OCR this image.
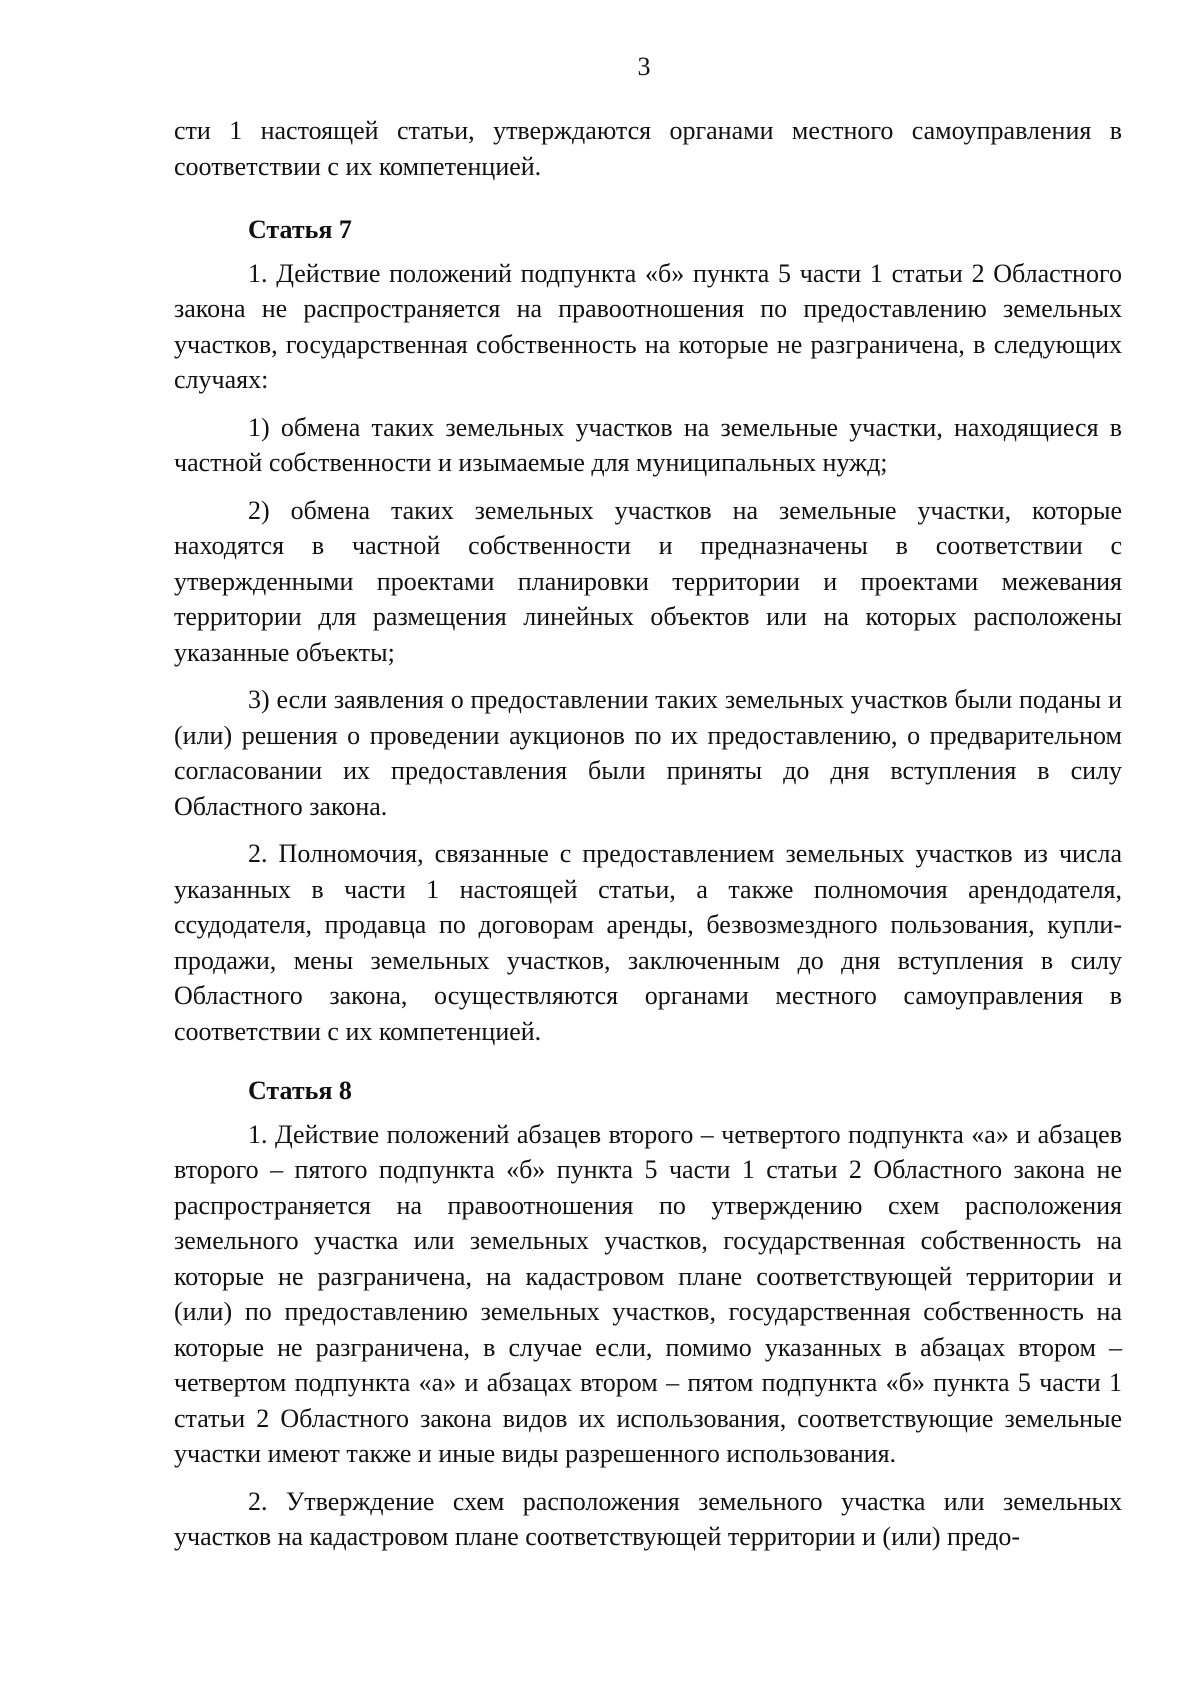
3

сти 1 настоящей статьи, утверждаются органами местного самоуправления в соответствии с их компетенцией.

Статья 7

1. Действие положений подпункта «б» пункта 5 части 1 статьи 2 Областного закона не распространяется на правоотношения по предоставлению земельных участков, государственная собственность на которые не разграничена, в следующих случаях:

1) обмена таких земельных участков на земельные участки, находящиеся в частной собственности и изымаемые для муниципальных нужд;

2) обмена таких земельных участков на земельные участки, которые находятся в частной собственности и предназначены в соответствии с утвержденными проектами планировки территории и проектами межевания территории для размещения линейных объектов или на которых расположены указанные объекты;

3) если заявления о предоставлении таких земельных участков были поданы и (или) решения о проведении аукционов по их предоставлению, о предварительном согласовании их предоставления были приняты до дня вступления в силу Областного закона.

2. Полномочия, связанные с предоставлением земельных участков из числа указанных в части 1 настоящей статьи, а также полномочия арендодателя, ссудодателя, продавца по договорам аренды, безвозмездного пользования, купли-продажи, мены земельных участков, заключенным до дня вступления в силу Областного закона, осуществляются органами местного самоуправления в соответствии с их компетенцией.

Статья 8

1. Действие положений абзацев второго – четвертого подпункта «а» и абзацев второго – пятого подпункта «б» пункта 5 части 1 статьи 2 Областного закона не распространяется на правоотношения по утверждению схем расположения земельного участка или земельных участков, государственная собственность на которые не разграничена, на кадастровом плане соответствующей территории и (или) по предоставлению земельных участков, государственная собственность на которые не разграничена, в случае если, помимо указанных в абзацах втором – четвертом подпункта «а» и абзацах втором – пятом подпункта «б» пункта 5 части 1 статьи 2 Областного закона видов их использования, соответствующие земельные участки имеют также и иные виды разрешенного использования.

2. Утверждение схем расположения земельного участка или земельных участков на кадастровом плане соответствующей территории и (или) предо-
